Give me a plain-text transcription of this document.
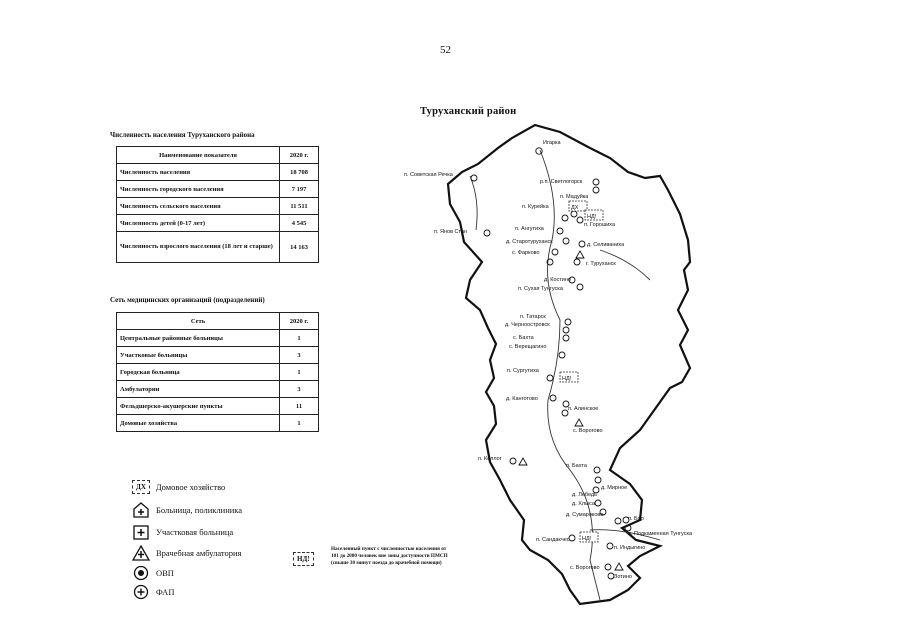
52
Туруханский район
Численность населения Туруханского района
Наименование показателя	2020 г.
Численность населения	18 708
Численность городского населения	7 197
Численность сельского населения	11 511
Численность детей (0-17 лет)	4 545
Численность взрослого населения (18 лет и старше)	14 163
Сеть медицинских организаций (подразделений)
Сеть	2020 г.
Центральные районные больницы	1
Участковые больницы	3
Городская больница	1
Амбулатории	3
Фельдшерско-акушерские пункты	11
Домовые хозяйства	1
ДХ	Домовое хозяйство
Больница, поликлиника
Участковая больница
Врачебная амбулатория
ОВП
ФАП
НД!
Населенный пункт с численностью населения от 101 до 2000 человек вне зоны доступности ПМСП (свыше 30 минут поезда до врачебной помощи)
ДХ
НД!
НД!
НД!
Игарка
п. Советская Речка
р.п. Светлогорск
п. Мадуйка
п. Курейка
п. Янов Стан	п. Ангутиха
п. Горошиха
д. Старотуруханск	д. Селиваниха
с. Фарково
г. Туруханск
д. Костино
п. Сухая Тунгуска
п. Татарск
д. Черноостровск
с. Бахта
с. Верещагино
п. Сургутиха
д. Канготово
п. Алинское
с. Ворогово
п. Келлог
п. Бахта
д. Мирное
д. Лебедь
д. Хлыса
д. Сумароково
п. Бор
п. Подкаменная Тунгуска
п. Сандакчес
п. Индыгино
с. Ворогово
Зотино
